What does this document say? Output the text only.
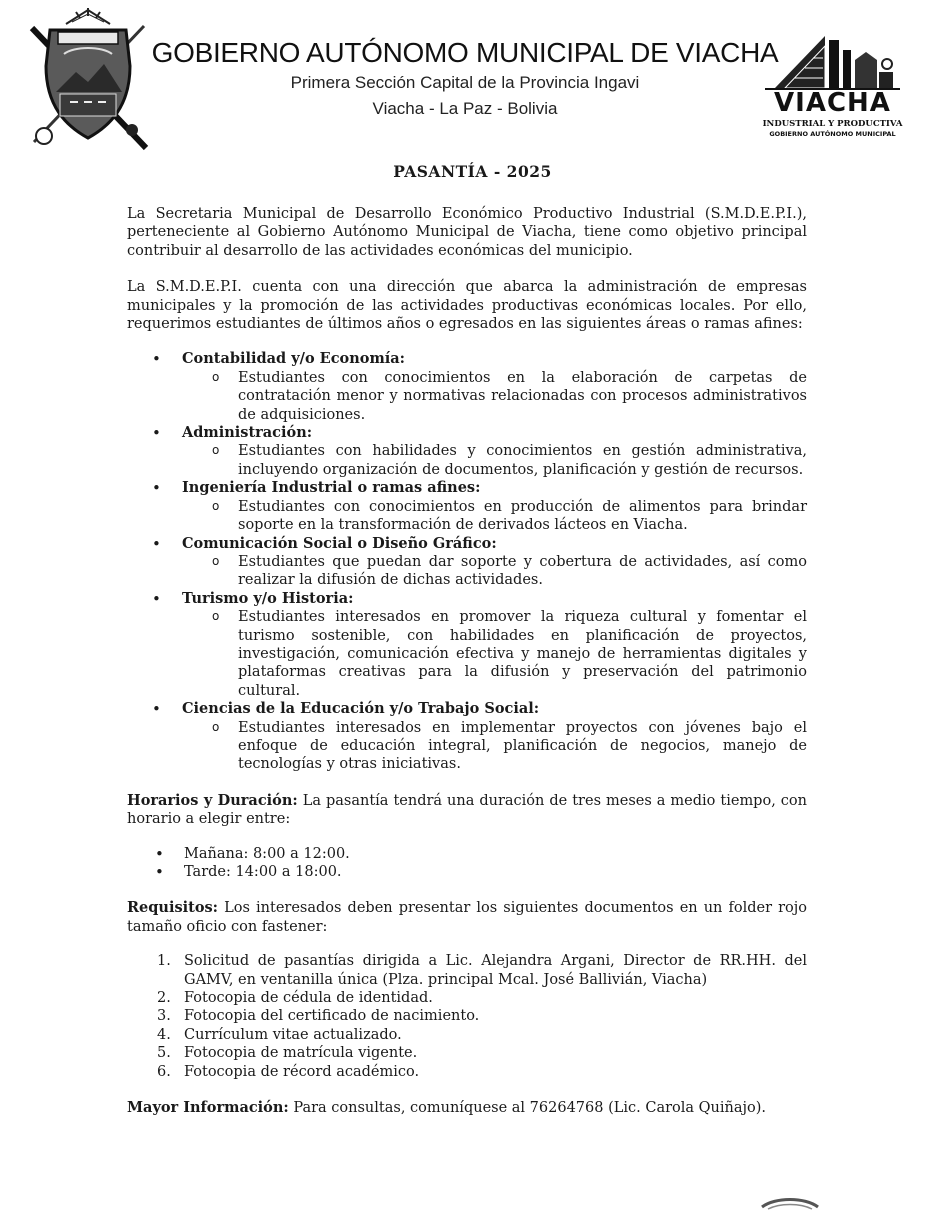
GOBIERNO AUTÓNOMO MUNICIPAL DE VIACHA
Primera Sección Capital de la Provincia Ingavi
Viacha - La Paz - Bolivia	VIACHA
INDUSTRIAL Y PRODUCTIVA
GOBIERNO AUTÓNOMO MUNICIPAL
PASANTÍA - 2025

La Secretaria Municipal de Desarrollo Económico Productivo Industrial (S.M.D.E.P.I.), perteneciente al Gobierno Autónomo Municipal de Viacha, tiene como objetivo principal contribuir al desarrollo de las actividades económicas del municipio.

La S.M.D.E.P.I. cuenta con una dirección que abarca la administración de empresas municipales y la promoción de las actividades productivas económicas locales. Por ello, requerimos estudiantes de últimos años o egresados en las siguientes áreas o ramas afines:

• Contabilidad y/o Economía:
o Estudiantes con conocimientos en la elaboración de carpetas de contratación menor y normativas relacionadas con procesos administrativos de adquisiciones.
• Administración:
o Estudiantes con habilidades y conocimientos en gestión administrativa, incluyendo organización de documentos, planificación y gestión de recursos.
• Ingeniería Industrial o ramas afines:
o Estudiantes con conocimientos en producción de alimentos para brindar soporte en la transformación de derivados lácteos en Viacha.
• Comunicación Social o Diseño Gráfico:
o Estudiantes que puedan dar soporte y cobertura de actividades, así como realizar la difusión de dichas actividades.
• Turismo y/o Historia:
o Estudiantes interesados en promover la riqueza cultural y fomentar el turismo sostenible, con habilidades en planificación de proyectos, investigación, comunicación efectiva y manejo de herramientas digitales y plataformas creativas para la difusión y preservación del patrimonio cultural.
• Ciencias de la Educación y/o Trabajo Social:
o Estudiantes interesados en implementar proyectos con jóvenes bajo el enfoque de educación integral, planificación de negocios, manejo de tecnologías y otras iniciativas.

Horarios y Duración: La pasantía tendrá una duración de tres meses a medio tiempo, con horario a elegir entre:

• Mañana: 8:00 a 12:00.
• Tarde: 14:00 a 18:00.

Requisitos: Los interesados deben presentar los siguientes documentos en un folder rojo tamaño oficio con fastener:

1. Solicitud de pasantías dirigida a Lic. Alejandra Argani, Director de RR.HH. del GAMV, en ventanilla única (Plza. principal Mcal. José Ballivián, Viacha)
2. Fotocopia de cédula de identidad.
3. Fotocopia del certificado de nacimiento.
4. Currículum vitae actualizado.
5. Fotocopia de matrícula vigente.
6. Fotocopia de récord académico.

Mayor Información: Para consultas, comuníquese al 76264768 (Lic. Carola Quiñajo).
